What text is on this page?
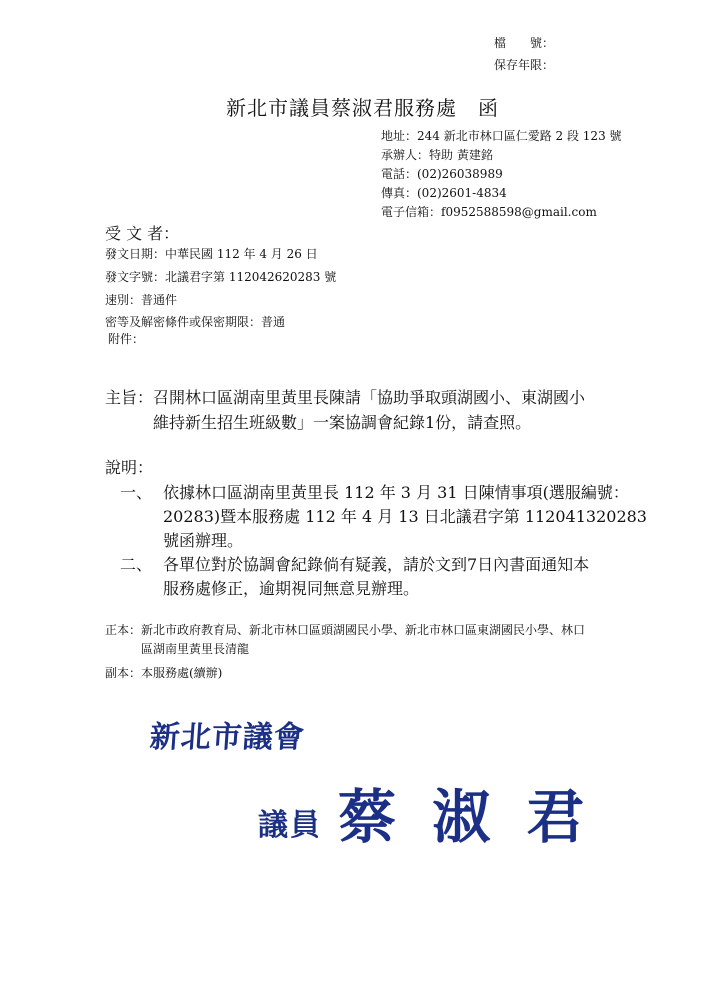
檔　　號：
保存年限：
新北市議員蔡淑君服務處　函
地址：244 新北市林口區仁愛路 2 段 123 號
承辦人：特助 黃建銘
電話：(02)26038989
傳真：(02)2601-4834
電子信箱：f0952588598@gmail.com
受 文 者：
發文日期：中華民國 112 年 4 月 26 日
發文字號：北議君字第 112042620283 號
速別：普通件
密等及解密條件或保密期限：普通
附件：
主旨：召開林口區湖南里黃里長陳請「協助爭取頭湖國小、東湖國小
維持新生招生班級數」一案協調會紀錄1份，請查照。
說明：
一、 依據林口區湖南里黃里長 112 年 3 月 31 日陳情事項(選服編號：
20283)暨本服務處 112 年 4 月 13 日北議君字第 112041320283
號函辦理。
二、 各單位對於協調會紀錄倘有疑義，請於文到7日內書面通知本
服務處修正，逾期視同無意見辦理。
正本：新北市政府教育局、新北市林口區頭湖國民小學、新北市林口區東湖國民小學、林口
區湖南里黃里長清龍
副本：本服務處(續辦)
新北市議會
議員 蔡 淑 君
